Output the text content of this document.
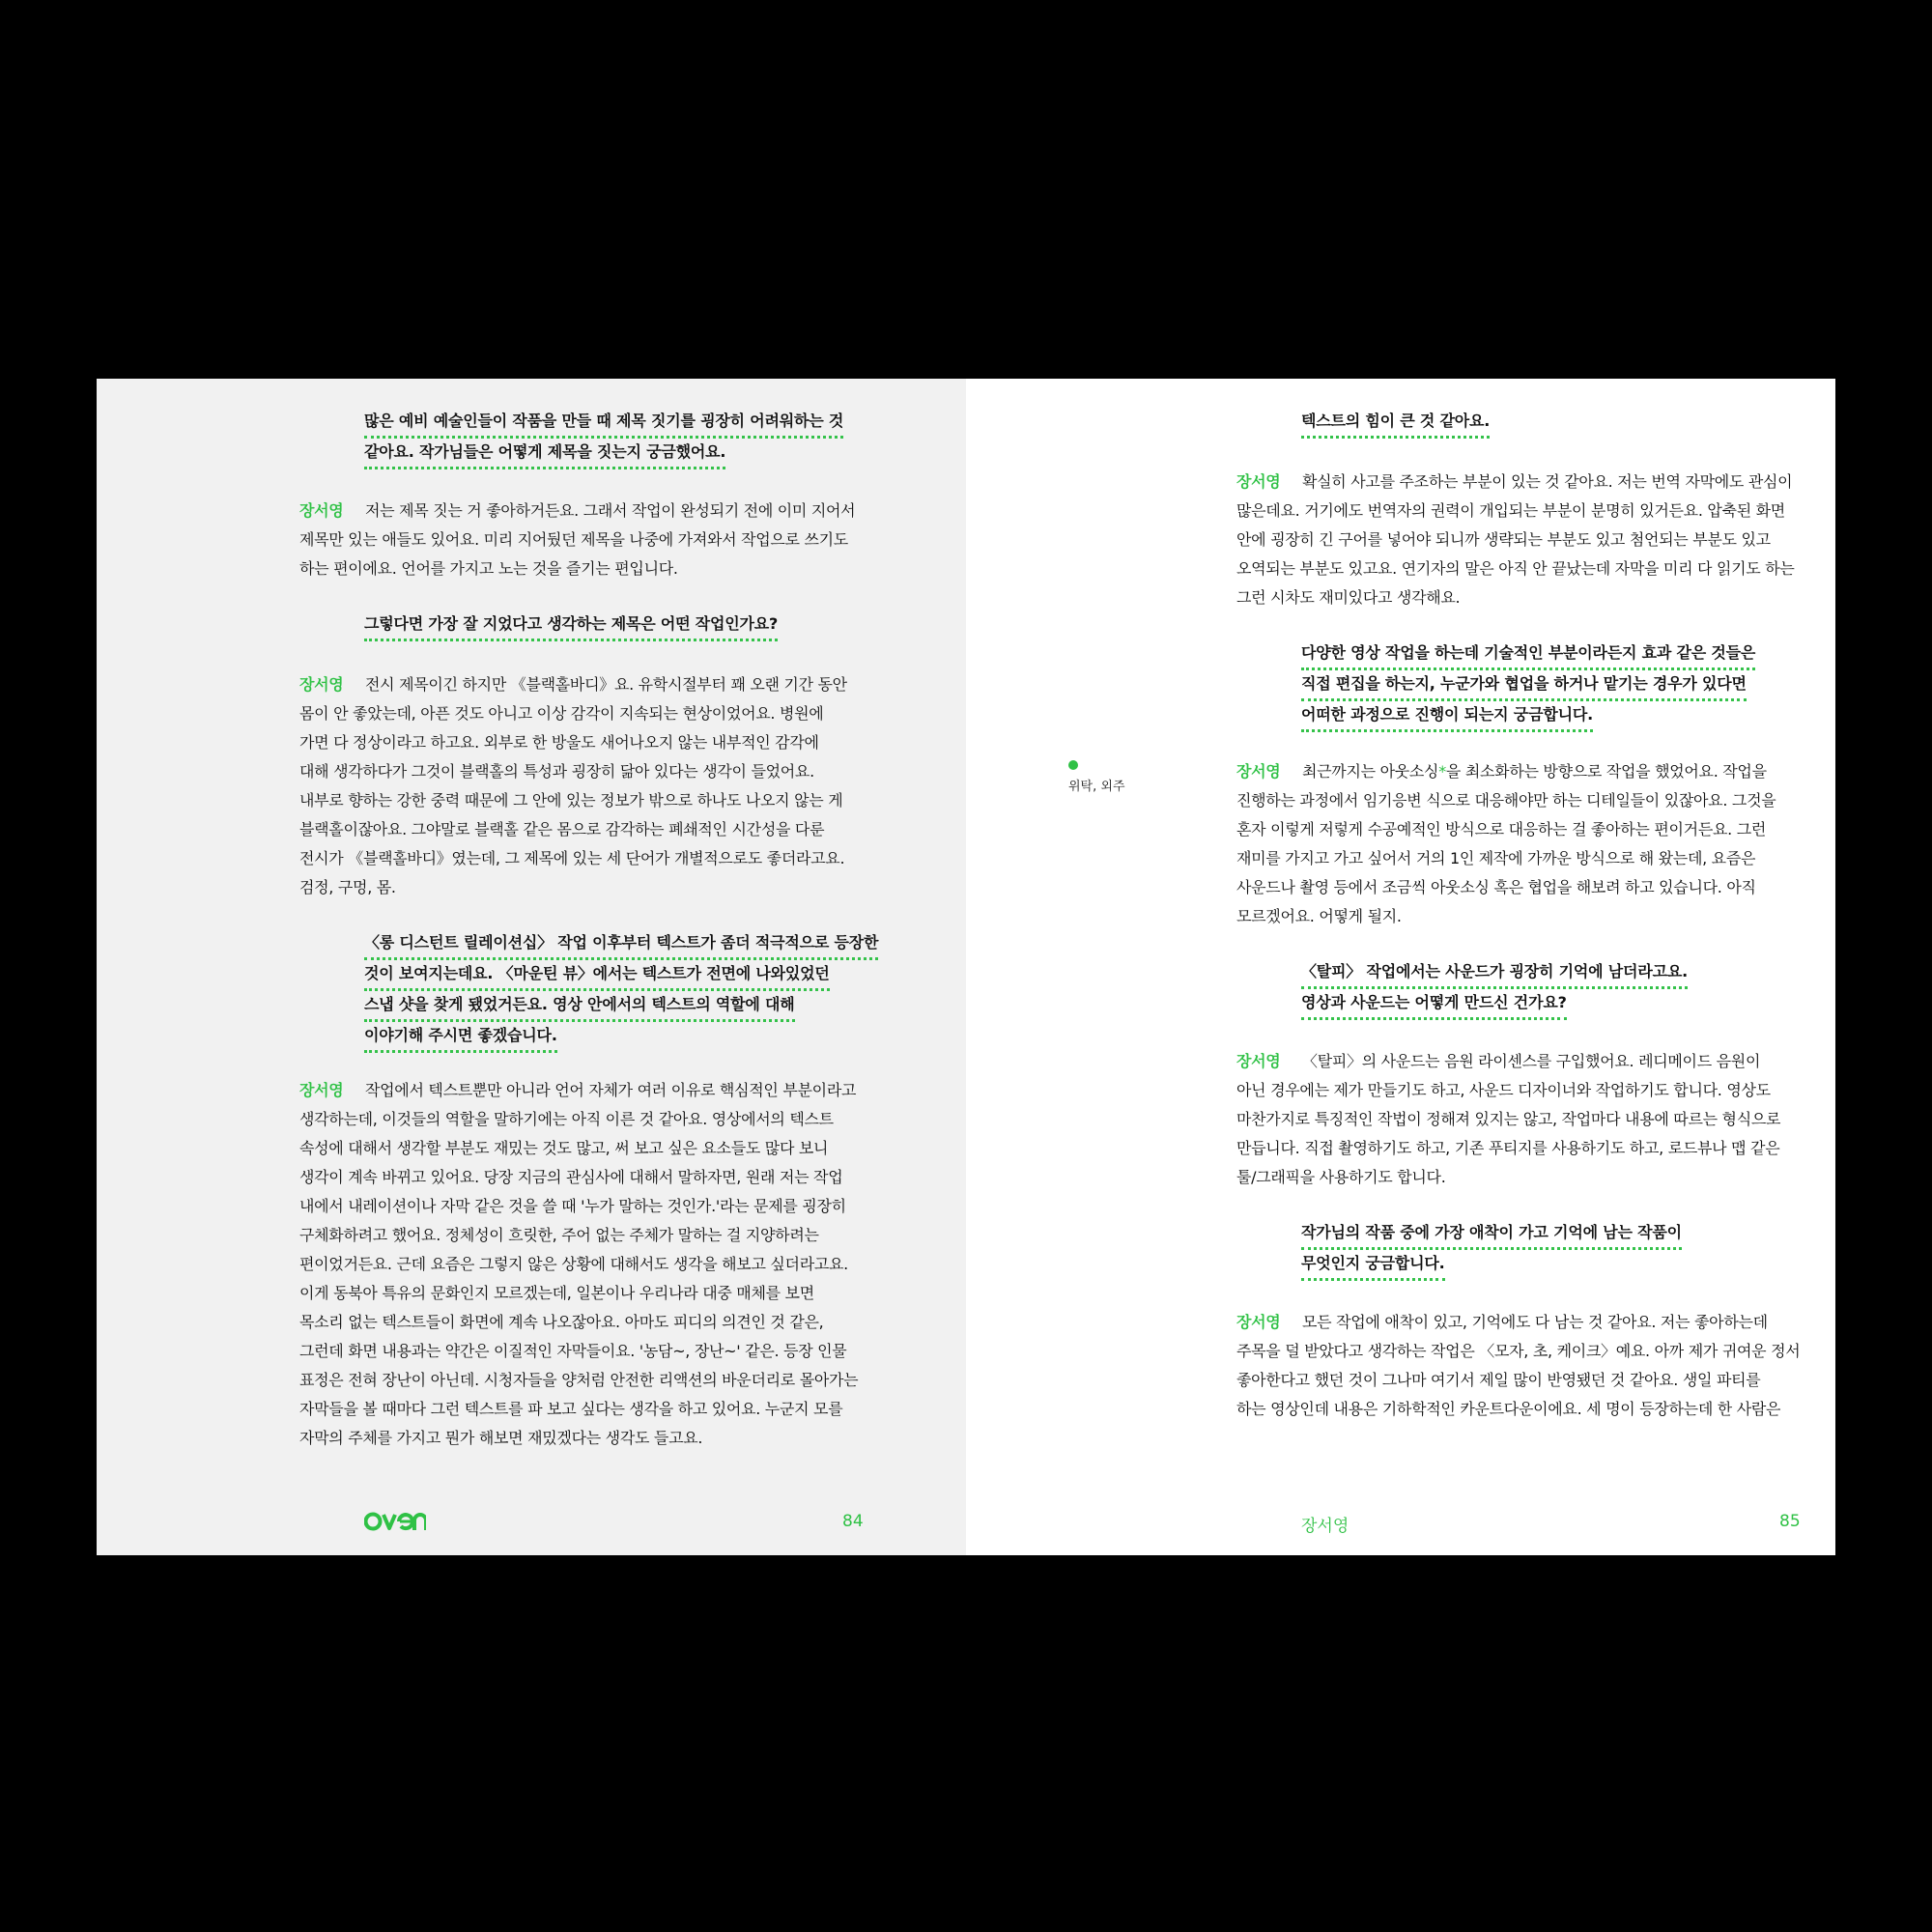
많은 예비 예술인들이 작품을 만들 때 제목 짓기를 굉장히 어려워하는 것
같아요. 작가님들은 어떻게 제목을 짓는지 궁금했어요.
장서영 저는 제목 짓는 거 좋아하거든요. 그래서 작업이 완성되기 전에 이미 지어서
제목만 있는 애들도 있어요. 미리 지어뒀던 제목을 나중에 가져와서 작업으로 쓰기도
하는 편이에요. 언어를 가지고 노는 것을 즐기는 편입니다.
그렇다면 가장 잘 지었다고 생각하는 제목은 어떤 작업인가요?
장서영 전시 제목이긴 하지만 《블랙홀바디》요. 유학시절부터 꽤 오랜 기간 동안
몸이 안 좋았는데, 아픈 것도 아니고 이상 감각이 지속되는 현상이었어요. 병원에
가면 다 정상이라고 하고요. 외부로 한 방울도 새어나오지 않는 내부적인 감각에
대해 생각하다가 그것이 블랙홀의 특성과 굉장히 닮아 있다는 생각이 들었어요.
내부로 향하는 강한 중력 때문에 그 안에 있는 정보가 밖으로 하나도 나오지 않는 게
블랙홀이잖아요. 그야말로 블랙홀 같은 몸으로 감각하는 폐쇄적인 시간성을 다룬
전시가 《블랙홀바디》였는데, 그 제목에 있는 세 단어가 개별적으로도 좋더라고요.
검정, 구멍, 몸.
〈롱 디스턴트 릴레이션십〉 작업 이후부터 텍스트가 좀더 적극적으로 등장한
것이 보여지는데요. 〈마운틴 뷰〉에서는 텍스트가 전면에 나와있었던
스냅 샷을 찾게 됐었거든요. 영상 안에서의 텍스트의 역할에 대해
이야기해 주시면 좋겠습니다.
장서영 작업에서 텍스트뿐만 아니라 언어 자체가 여러 이유로 핵심적인 부분이라고
생각하는데, 이것들의 역할을 말하기에는 아직 이른 것 같아요. 영상에서의 텍스트
속성에 대해서 생각할 부분도 재밌는 것도 많고, 써 보고 싶은 요소들도 많다 보니
생각이 계속 바뀌고 있어요. 당장 지금의 관심사에 대해서 말하자면, 원래 저는 작업
내에서 내레이션이나 자막 같은 것을 쓸 때 '누가 말하는 것인가.'라는 문제를 굉장히
구체화하려고 했어요. 정체성이 흐릿한, 주어 없는 주체가 말하는 걸 지양하려는
편이었거든요. 근데 요즘은 그렇지 않은 상황에 대해서도 생각을 해보고 싶더라고요.
이게 동북아 특유의 문화인지 모르겠는데, 일본이나 우리나라 대중 매체를 보면
목소리 없는 텍스트들이 화면에 계속 나오잖아요. 아마도 피디의 의견인 것 같은,
그런데 화면 내용과는 약간은 이질적인 자막들이요. '농담~, 장난~' 같은. 등장 인물
표정은 전혀 장난이 아닌데. 시청자들을 양처럼 안전한 리액션의 바운더리로 몰아가는
자막들을 볼 때마다 그런 텍스트를 파 보고 싶다는 생각을 하고 있어요. 누군지 모를
자막의 주체를 가지고 뭔가 해보면 재밌겠다는 생각도 들고요.
84
텍스트의 힘이 큰 것 같아요.
장서영 확실히 사고를 주조하는 부분이 있는 것 같아요. 저는 번역 자막에도 관심이
많은데요. 거기에도 번역자의 권력이 개입되는 부분이 분명히 있거든요. 압축된 화면
안에 굉장히 긴 구어를 넣어야 되니까 생략되는 부분도 있고 첨언되는 부분도 있고
오역되는 부분도 있고요. 연기자의 말은 아직 안 끝났는데 자막을 미리 다 읽기도 하는
그런 시차도 재미있다고 생각해요.
다양한 영상 작업을 하는데 기술적인 부분이라든지 효과 같은 것들은
직접 편집을 하는지, 누군가와 협업을 하거나 맡기는 경우가 있다면
어떠한 과정으로 진행이 되는지 궁금합니다.
장서영 최근까지는 아웃소싱*을 최소화하는 방향으로 작업을 했었어요. 작업을
진행하는 과정에서 임기응변 식으로 대응해야만 하는 디테일들이 있잖아요. 그것을
혼자 이렇게 저렇게 수공예적인 방식으로 대응하는 걸 좋아하는 편이거든요. 그런
재미를 가지고 가고 싶어서 거의 1인 제작에 가까운 방식으로 해 왔는데, 요즘은
사운드나 촬영 등에서 조금씩 아웃소싱 혹은 협업을 해보려 하고 있습니다. 아직
모르겠어요. 어떻게 될지.
〈탈피〉 작업에서는 사운드가 굉장히 기억에 남더라고요.
영상과 사운드는 어떻게 만드신 건가요?
장서영 〈탈피〉의 사운드는 음원 라이센스를 구입했어요. 레디메이드 음원이
아닌 경우에는 제가 만들기도 하고, 사운드 디자이너와 작업하기도 합니다. 영상도
마찬가지로 특징적인 작법이 정해져 있지는 않고, 작업마다 내용에 따르는 형식으로
만듭니다. 직접 촬영하기도 하고, 기존 푸티지를 사용하기도 하고, 로드뷰나 맵 같은
툴/그래픽을 사용하기도 합니다.
작가님의 작품 중에 가장 애착이 가고 기억에 남는 작품이
무엇인지 궁금합니다.
장서영 모든 작업에 애착이 있고, 기억에도 다 남는 것 같아요. 저는 좋아하는데
주목을 덜 받았다고 생각하는 작업은 〈모자, 초, 케이크〉예요. 아까 제가 귀여운 정서
좋아한다고 했던 것이 그나마 여기서 제일 많이 반영됐던 것 같아요. 생일 파티를
하는 영상인데 내용은 기하학적인 카운트다운이에요. 세 명이 등장하는데 한 사람은
위탁, 외주
장서영	85
